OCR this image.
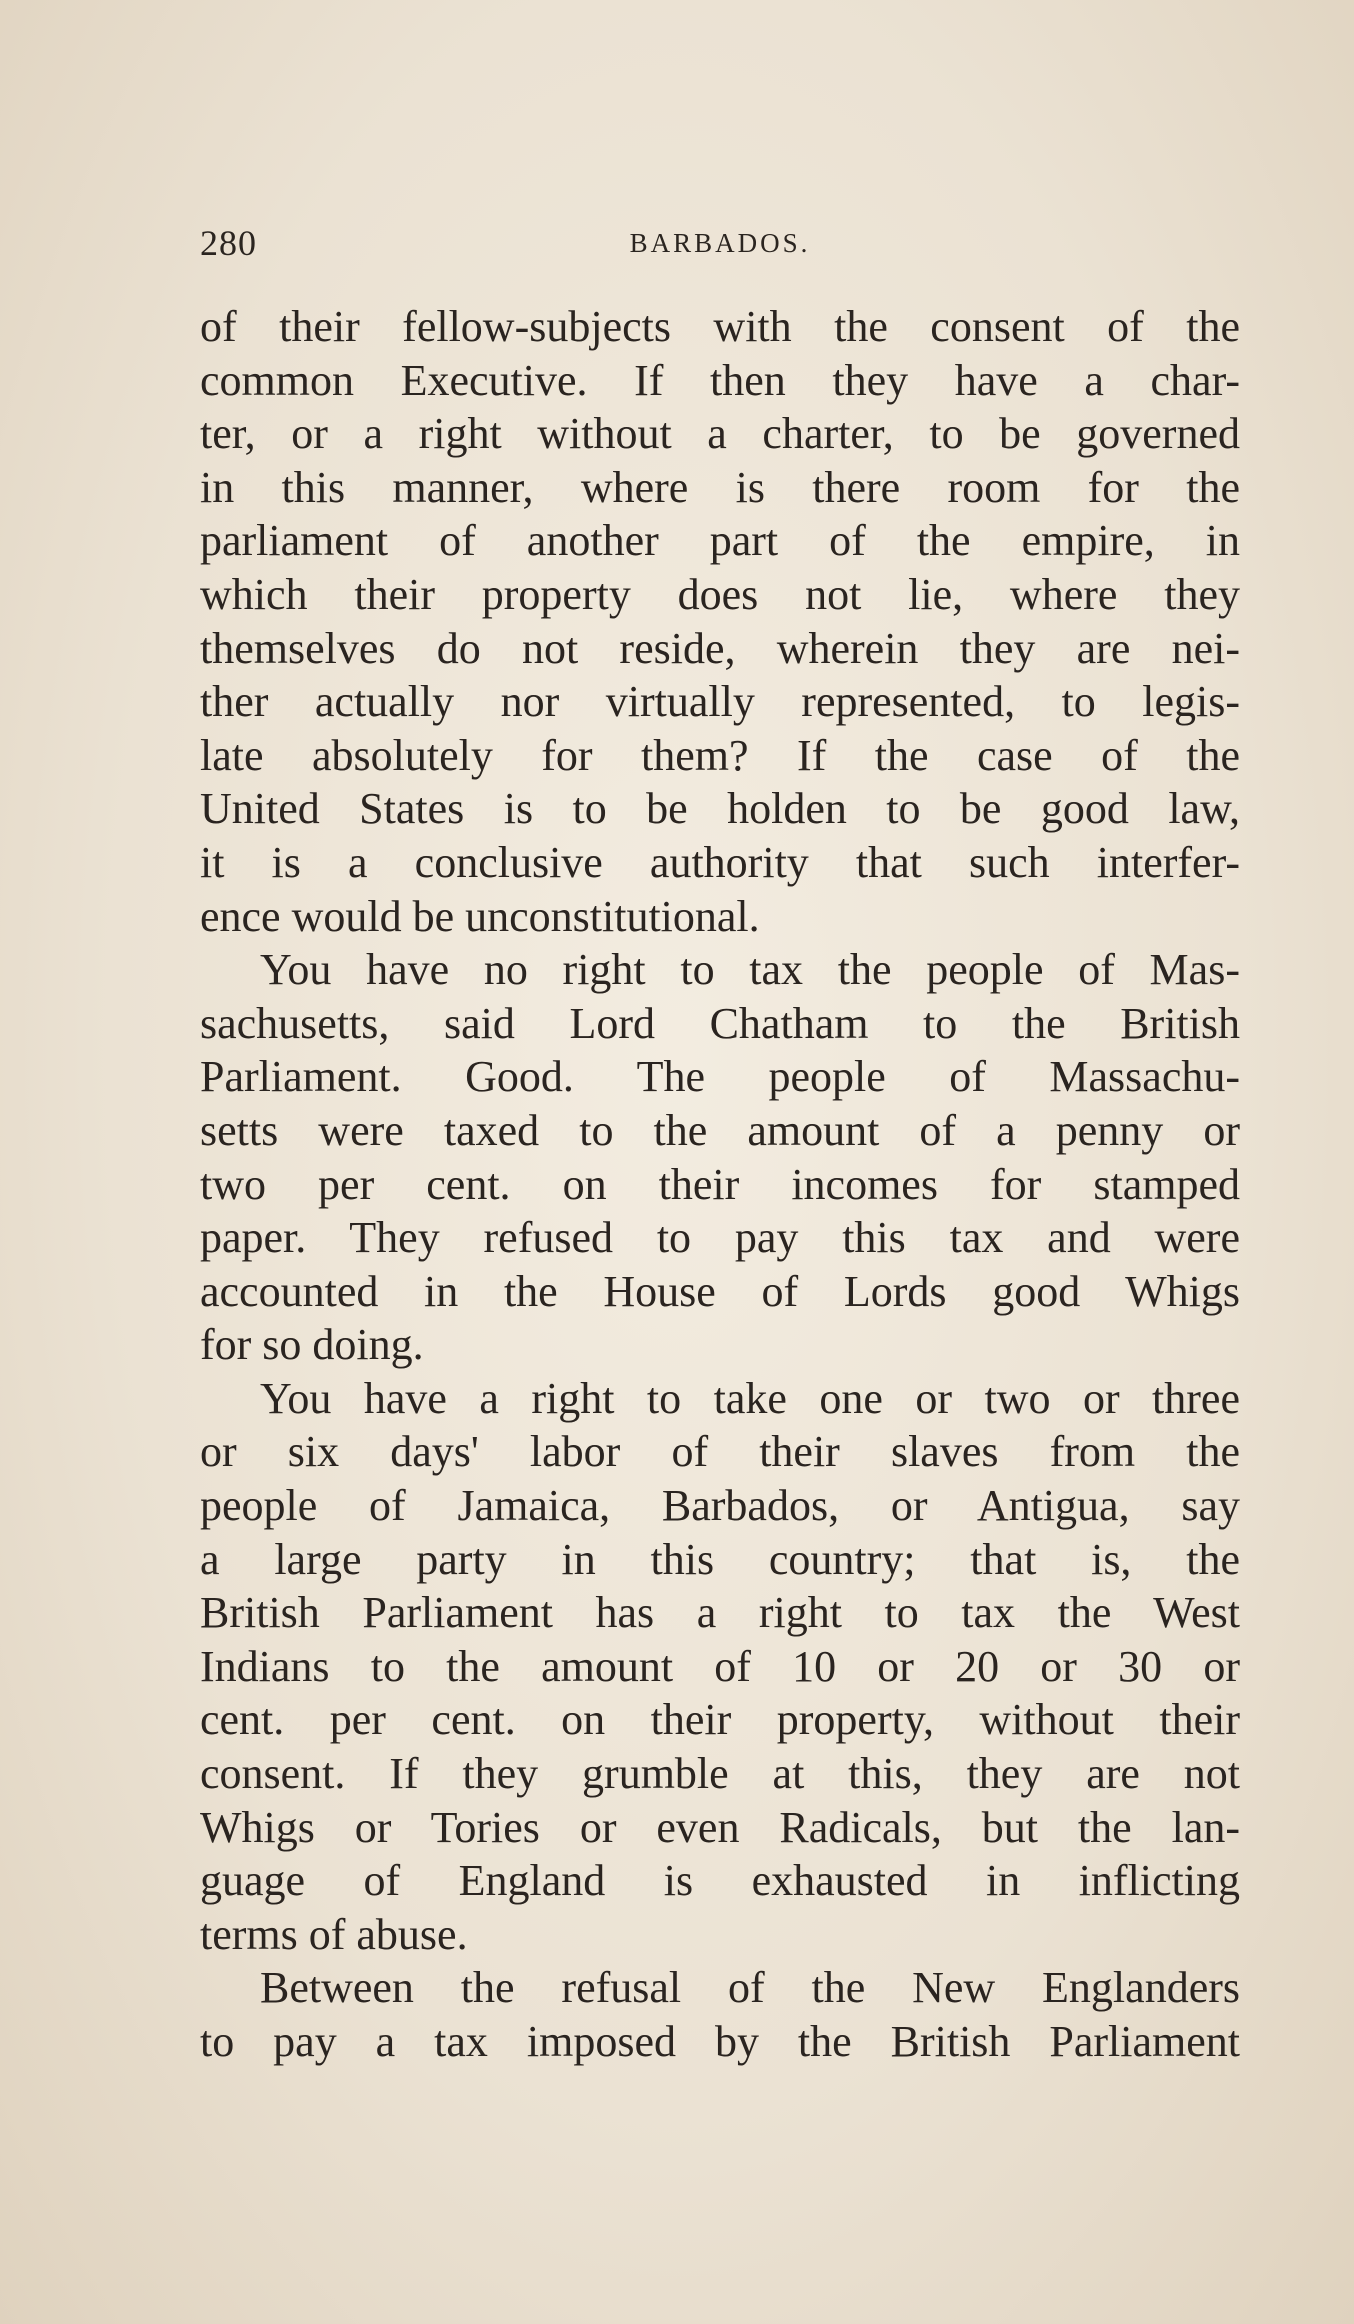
280	BARBADOS.
of their fellow-subjects with the consent of the
common Executive. If then they have a char-
ter, or a right without a charter, to be governed
in this manner, where is there room for the
parliament of another part of the empire, in
which their property does not lie, where they
themselves do not reside, wherein they are nei-
ther actually nor virtually represented, to legis-
late absolutely for them? If the case of the
United States is to be holden to be good law,
it is a conclusive authority that such interfer-
ence would be unconstitutional.
You have no right to tax the people of Mas-
sachusetts, said Lord Chatham to the British
Parliament. Good. The people of Massachu-
setts were taxed to the amount of a penny or
two per cent. on their incomes for stamped
paper. They refused to pay this tax and were
accounted in the House of Lords good Whigs
for so doing.
You have a right to take one or two or three
or six days' labor of their slaves from the
people of Jamaica, Barbados, or Antigua, say
a large party in this country; that is, the
British Parliament has a right to tax the West
Indians to the amount of 10 or 20 or 30 or
cent. per cent. on their property, without their
consent. If they grumble at this, they are not
Whigs or Tories or even Radicals, but the lan-
guage of England is exhausted in inflicting
terms of abuse.
Between the refusal of the New Englanders
to pay a tax imposed by the British Parliament
